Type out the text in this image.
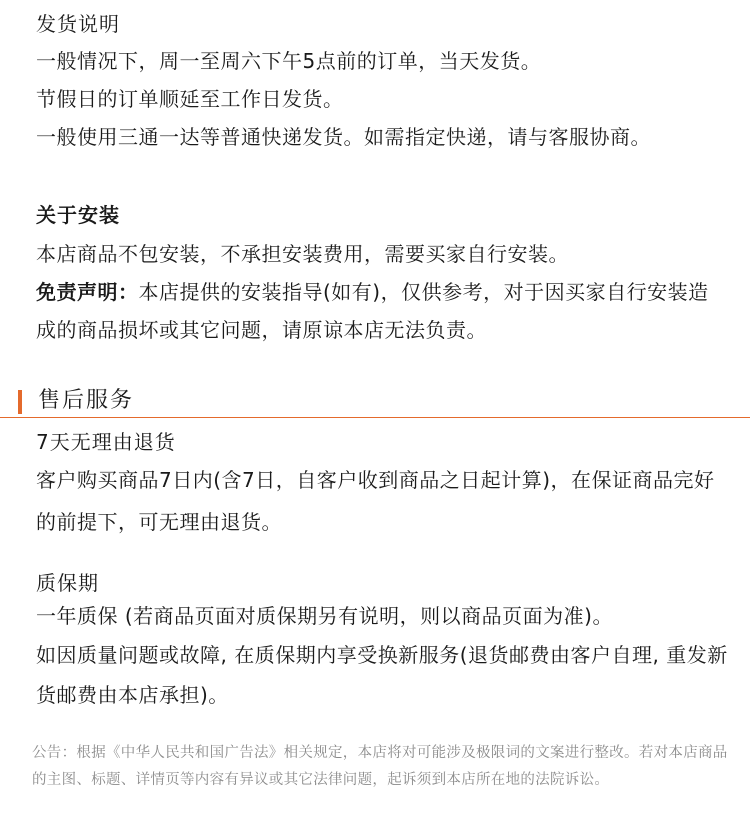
发货说明
一般情况下，周一至周六下午5点前的订单，当天发货。
节假日的订单顺延至工作日发货。
一般使用三通一达等普通快递发货。如需指定快递，请与客服协商。
关于安装
本店商品不包安装，不承担安装费用，需要买家自行安装。
免责声明：本店提供的安装指导(如有)，仅供参考，对于因买家自行安装造成的商品损坏或其它问题，请原谅本店无法负责。
售后服务
7天无理由退货
客户购买商品7日内(含7日，自客户收到商品之日起计算)，在保证商品完好的前提下，可无理由退货。
质保期
一年质保 (若商品页面对质保期另有说明，则以商品页面为准)。
如因质量问题或故障, 在质保期内享受换新服务(退货邮费由客户自理, 重发新货邮费由本店承担)。
公告：根据《中华人民共和国广告法》相关规定，本店将对可能涉及极限词的文案进行整改。若对本店商品的主图、标题、详情页等内容有异议或其它法律问题，起诉须到本店所在地的法院诉讼。
